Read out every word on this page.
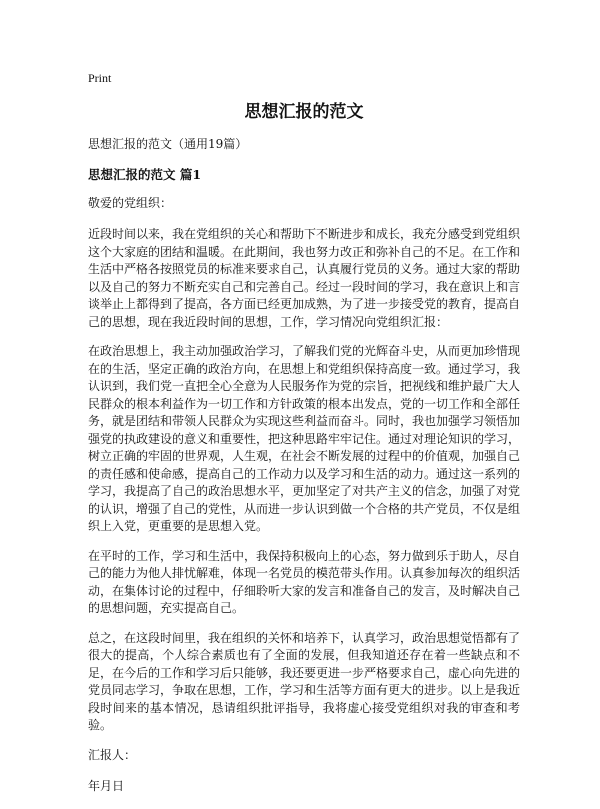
Print
思想汇报的范文
思想汇报的范文（通用19篇）
思想汇报的范文 篇1
敬爱的党组织：

近段时间以来，我在党组织的关心和帮助下不断进步和成长，我充分感受到党组织这个大家庭的团结和温暖。在此期间，我也努力改正和弥补自己的不足。在工作和生活中严格各按照党员的标准来要求自己，认真履行党员的义务。通过大家的帮助以及自己的努力不断充实自己和完善自己。经过一段时间的学习，我在意识上和言谈举止上都得到了提高，各方面已经更加成熟，为了进一步接受党的教育，提高自己的思想，现在我近段时间的思想，工作，学习情况向党组织汇报：

在政治思想上，我主动加强政治学习，了解我们党的光辉奋斗史，从而更加珍惜现在的生活，坚定正确的政治方向，在思想上和党组织保持高度一致。通过学习，我认识到，我们党一直把全心全意为人民服务作为党的宗旨，把视线和维护最广大人民群众的根本利益作为一切工作和方针政策的根本出发点，党的一切工作和全部任务，就是团结和带领人民群众为实现这些利益而奋斗。同时，我也加强学习领悟加强党的执政建设的意义和重要性，把这种思路牢牢记住。通过对理论知识的学习，树立正确的牢固的世界观，人生观，在社会不断发展的过程中的价值观，加强自己的责任感和使命感，提高自己的工作动力以及学习和生活的动力。通过这一系列的学习，我提高了自己的政治思想水平，更加坚定了对共产主义的信念，加强了对党的认识，增强了自己的党性，从而进一步认识到做一个合格的共产党员，不仅是组织上入党，更重要的是思想入党。

在平时的工作，学习和生活中，我保持积极向上的心态，努力做到乐于助人，尽自己的能力为他人排忧解难，体现一名党员的模范带头作用。认真参加每次的组织活动，在集体讨论的过程中，仔细聆听大家的发言和准备自己的发言，及时解决自己的思想问题，充实提高自己。

总之，在这段时间里，我在组织的关怀和培养下，认真学习，政治思想觉悟都有了很大的提高，个人综合素质也有了全面的发展，但我知道还存在着一些缺点和不足，在今后的工作和学习后只能够，我还要更进一步严格要求自己，虚心向先进的党员同志学习，争取在思想，工作，学习和生活等方面有更大的进步。以上是我近段时间来的基本情况，恳请组织批评指导，我将虚心接受党组织对我的审查和考验。

汇报人：
年月日
